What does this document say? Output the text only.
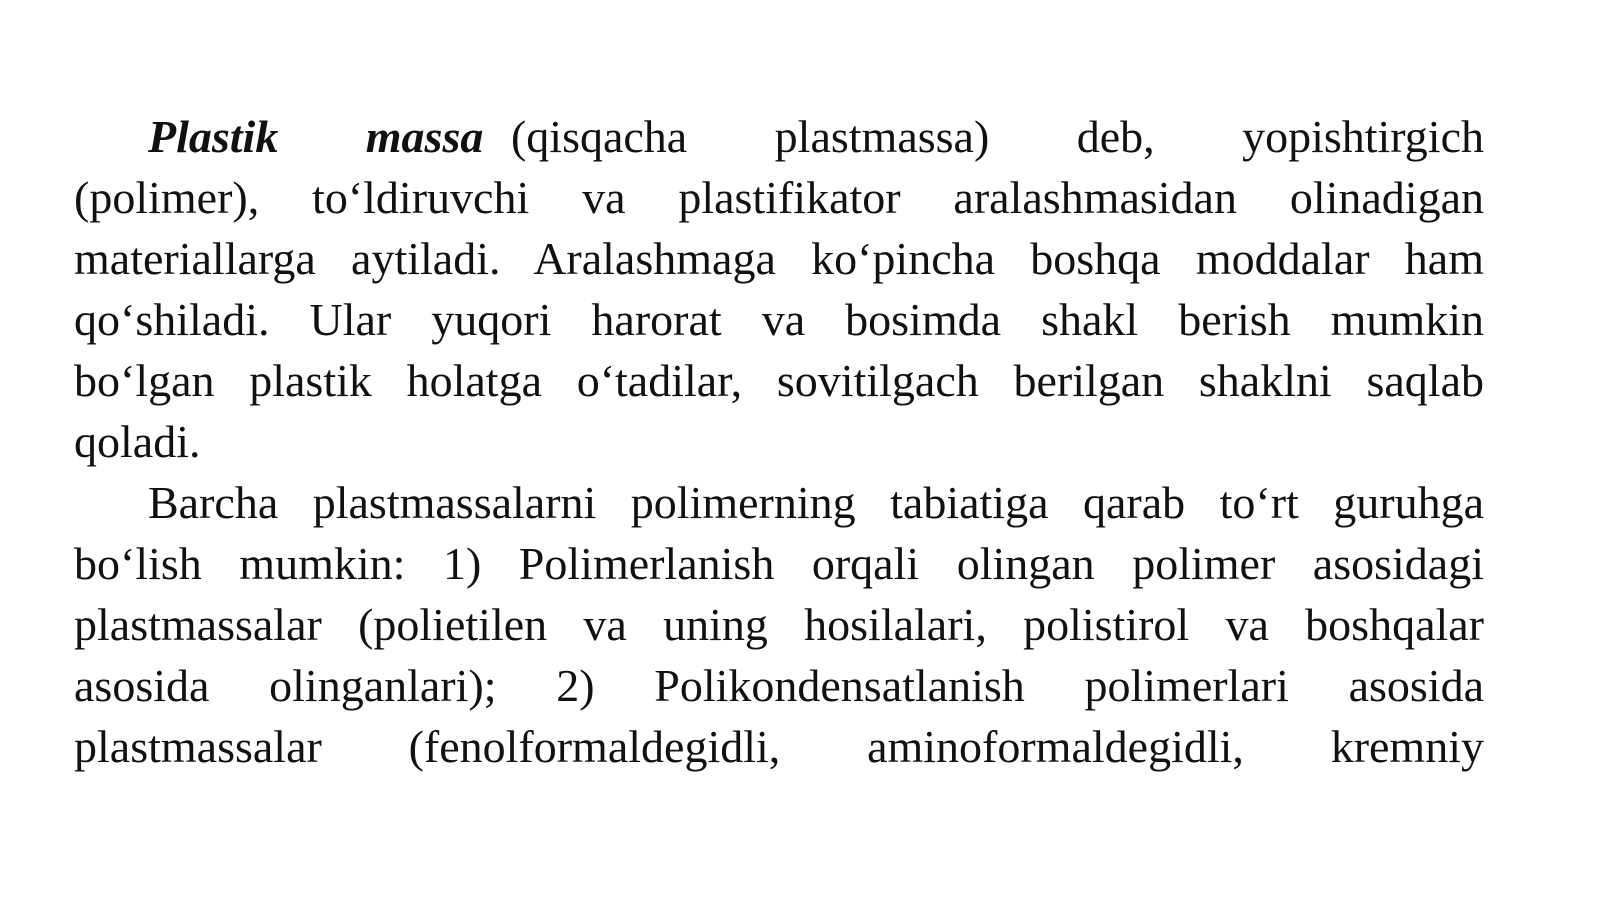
Plastik massa (qisqacha plastmassa) deb, yopishtirgich
(polimer), to‘ldiruvchi va plastifikator aralashmasidan olinadigan
materiallarga aytiladi. Aralashmaga ko‘pincha boshqa moddalar ham
qo‘shiladi. Ular yuqori harorat va bosimda shakl berish mumkin
bo‘lgan plastik holatga o‘tadilar, sovitilgach berilgan shaklni saqlab
qoladi.
Barcha plastmassalarni polimerning tabiatiga qarab to‘rt guruhga
bo‘lish mumkin: 1) Polimerlanish orqali olingan polimer asosidagi
plastmassalar (polietilen va uning hosilalari, polistirol va boshqalar
asosida olinganlari); 2) Polikondensatlanish polimerlari asosida
plastmassalar (fenolformaldegidli, aminoformaldegidli, kremniy
